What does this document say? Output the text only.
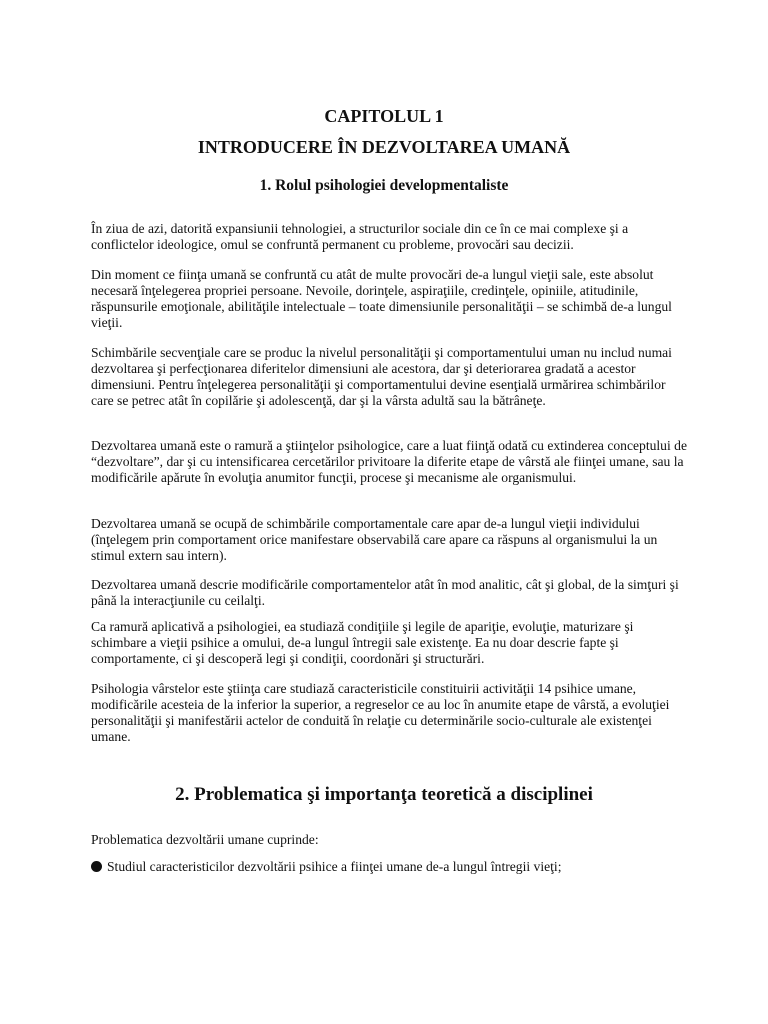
CAPITOLUL 1
INTRODUCERE ÎN DEZVOLTAREA UMANĂ
1. Rolul psihologiei developmentaliste
În ziua de azi, datorită expansiunii tehnologiei, a structurilor sociale din ce în ce mai complexe şi a conflictelor ideologice, omul se confruntă permanent cu probleme, provocări sau decizii.
Din moment ce fiinţa umană se confruntă cu atât de multe provocări de-a lungul vieţii sale, este absolut necesară înţelegerea propriei persoane. Nevoile, dorinţele, aspiraţiile, credinţele, opiniile, atitudinile, răspunsurile emoţionale, abilităţile intelectuale – toate dimensiunile personalităţii – se schimbă de-a lungul vieţii.
Schimbările secvenţiale care se produc la nivelul personalităţii şi comportamentului uman nu includ numai dezvoltarea şi perfecţionarea diferitelor dimensiuni ale acestora, dar şi deteriorarea gradată a acestor dimensiuni. Pentru înţelegerea personalităţii şi comportamentului devine esenţială urmărirea schimbărilor care se petrec atât în copilărie şi adolescenţă, dar şi la vârsta adultă sau la bătrâneţe.
Dezvoltarea umană este o ramură a ştiinţelor psihologice, care a luat fiinţă odată cu extinderea conceptului de “dezvoltare”, dar şi cu intensificarea cercetărilor privitoare la diferite etape de vârstă ale fiinţei umane, sau la modificările apărute în evoluţia anumitor funcţii, procese şi mecanisme ale organismului.
Dezvoltarea umană se ocupă de schimbările comportamentale care apar de-a lungul vieţii individului (înţelegem prin comportament orice manifestare observabilă care apare ca răspuns al organismului la un stimul extern sau intern).
Dezvoltarea umană descrie modificările comportamentelor atât în mod analitic, cât şi global, de la simţuri şi până la interacţiunile cu ceilalţi.
Ca ramură aplicativă a psihologiei, ea studiază condiţiile şi legile de apariţie, evoluţie, maturizare şi schimbare a vieţii psihice a omului, de-a lungul întregii sale existenţe. Ea nu doar descrie fapte şi comportamente, ci şi descoperă legi şi condiţii, coordonări şi structurări.
Psihologia vârstelor este ştiinţa care studiază caracteristicile constituirii activităţii 14 psihice umane, modificările acesteia de la inferior la superior, a regreselor ce au loc în anumite etape de vârstă, a evoluţiei personalităţii şi manifestării actelor de conduită în relaţie cu determinările socio-culturale ale existenţei umane.
2. Problematica şi importanţa teoretică a disciplinei
Problematica dezvoltării umane cuprinde:
Studiul caracteristicilor dezvoltării psihice a fiinţei umane de-a lungul întregii vieţi;
